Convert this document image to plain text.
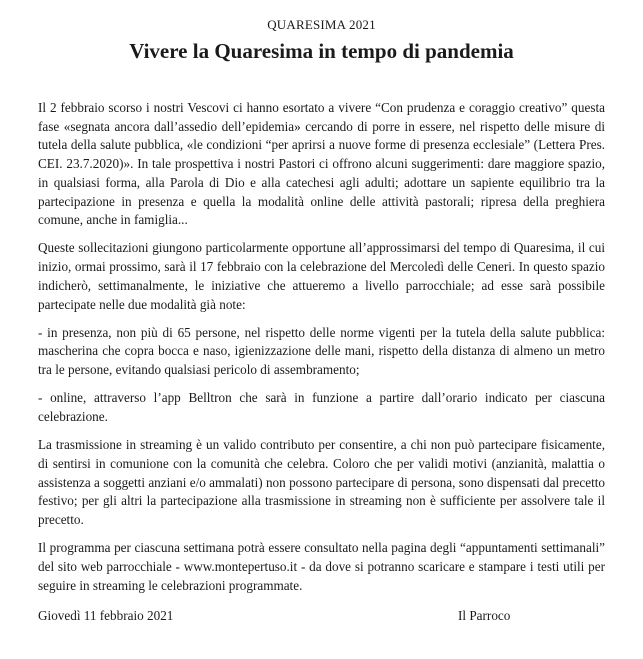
QUARESIMA 2021
Vivere la Quaresima in tempo di pandemia

Il 2 febbraio scorso i nostri Vescovi ci hanno esortato a vivere “Con prudenza e coraggio creativo” questa fase «segnata ancora dall’assedio dell’epidemia» cercando di porre in essere, nel rispetto delle misure di tutela della salute pubblica, «le condizioni “per aprirsi a nuove forme di presenza ecclesiale” (Lettera Pres. CEI. 23.7.2020)». In tale prospettiva i nostri Pastori ci offrono alcuni suggerimenti: dare maggiore spazio, in qualsiasi forma, alla Parola di Dio e alla catechesi agli adulti; adottare un sapiente equilibrio tra la partecipazione in presenza e quella la modalità online delle attività pastorali; ripresa della preghiera comune, anche in famiglia...

Queste sollecitazioni giungono particolarmente opportune all’approssimarsi del tempo di Quaresima, il cui inizio, ormai prossimo, sarà il 17 febbraio con la celebrazione del Mercoledì delle Ceneri. In questo spazio indicherò, settimanalmente, le iniziative che attueremo a livello parrocchiale; ad esse sarà possibile partecipate nelle due modalità già note:

- in presenza, non più di 65 persone, nel rispetto delle norme vigenti per la tutela della salute pubblica: mascherina che copra bocca e naso, igienizzazione delle mani, rispetto della distanza di almeno un metro tra le persone, evitando qualsiasi pericolo di assembramento;

- online, attraverso l’app Belltron che sarà in funzione a partire dall’orario indicato per ciascuna celebrazione.

La trasmissione in streaming è un valido contributo per consentire, a chi non può partecipare fisicamente, di sentirsi in comunione con la comunità che celebra. Coloro che per validi motivi (anzianità, malattia o assistenza a soggetti anziani e/o ammalati) non possono partecipare di persona, sono dispensati dal precetto festivo; per gli altri la partecipazione alla trasmissione in streaming non è sufficiente per assolvere tale il precetto.

Il programma per ciascuna settimana potrà essere consultato nella pagina degli “appuntamenti settimanali” del sito web parrocchiale - www.montepertuso.it - da dove si potranno scaricare e stampare i testi utili per seguire in streaming le celebrazioni programmate.

Giovedì 11 febbraio 2021	Il Parroco
